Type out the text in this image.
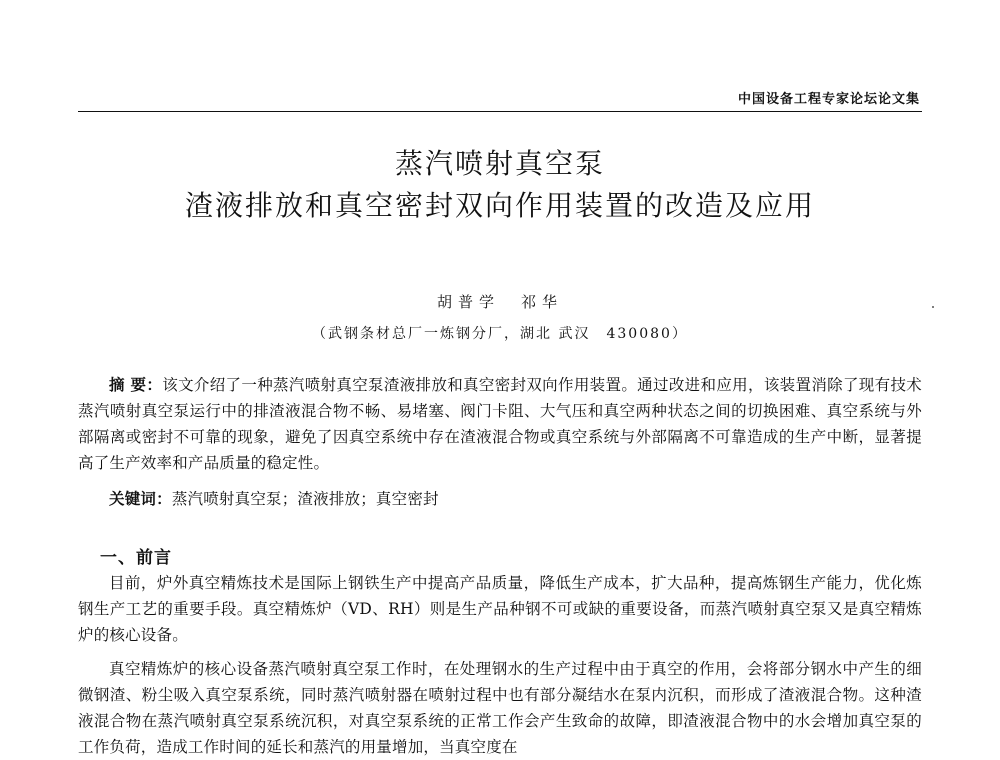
中国设备工程专家论坛论文集
蒸汽喷射真空泵
渣液排放和真空密封双向作用装置的改造及应用
胡普学　祁华
（武钢条材总厂一炼钢分厂，湖北 武汉　430080）
摘 要：该文介绍了一种蒸汽喷射真空泵渣液排放和真空密封双向作用装置。通过改进和应用，该装置消除了现有技术蒸汽喷射真空泵运行中的排渣液混合物不畅、易堵塞、阀门卡阻、大气压和真空两种状态之间的切换困难、真空系统与外部隔离或密封不可靠的现象，避免了因真空系统中存在渣液混合物或真空系统与外部隔离不可靠造成的生产中断，显著提高了生产效率和产品质量的稳定性。
关键词：蒸汽喷射真空泵；渣液排放；真空密封
一、前言
目前，炉外真空精炼技术是国际上钢铁生产中提高产品质量，降低生产成本，扩大品种，提高炼钢生产能力，优化炼钢生产工艺的重要手段。真空精炼炉（VD、RH）则是生产品种钢不可或缺的重要设备，而蒸汽喷射真空泵又是真空精炼炉的核心设备。
真空精炼炉的核心设备蒸汽喷射真空泵工作时，在处理钢水的生产过程中由于真空的作用，会将部分钢水中产生的细微钢渣、粉尘吸入真空泵系统，同时蒸汽喷射器在喷射过程中也有部分凝结水在泵内沉积，而形成了渣液混合物。这种渣液混合物在蒸汽喷射真空泵系统沉积，对真空泵系统的正常工作会产生致命的故障，即渣液混合物中的水会增加真空泵的工作负荷，造成工作时间的延长和蒸汽的用量增加，当真空度在
